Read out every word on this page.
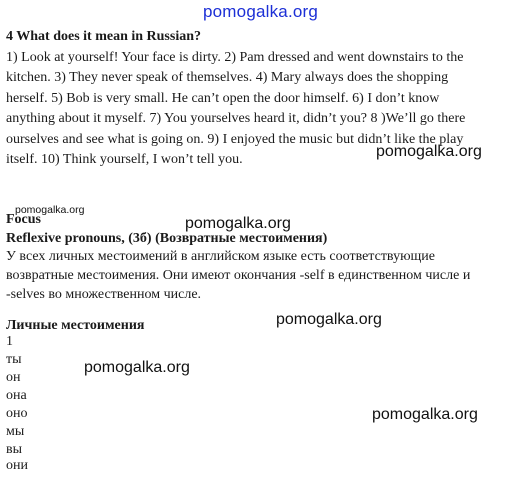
pomogalka.org
pomogalka.org
pomogalka.org
pomogalka.org
pomogalka.org
pomogalka.org
pomogalka.org
4 What does it mean in Russian?
1) Look at yourself! Your face is dirty. 2) Pam dressed and went downstairs to the
kitchen. 3) They never speak of themselves. 4) Mary always does the shopping
herself. 5) Bob is very small. He can’t open the door himself. 6) I don’t know
anything about it myself. 7) You yourselves heard it, didn’t you? 8 )We’ll go there
ourselves and see what is going on. 9) I enjoyed the music but didn’t like the play
itself. 10) Think yourself, I won’t tell you.
Focus
Reflexive pronouns, (3б) (Возвратные местоимения)
У всех личных местоимений в английском языке есть соответствующие
возвратные местоимения. Они имеют окончания -self в единственном числе и
-selves во множественном числе.
Личные местоимения
1
ты
он
она
оно
мы
вы
они
